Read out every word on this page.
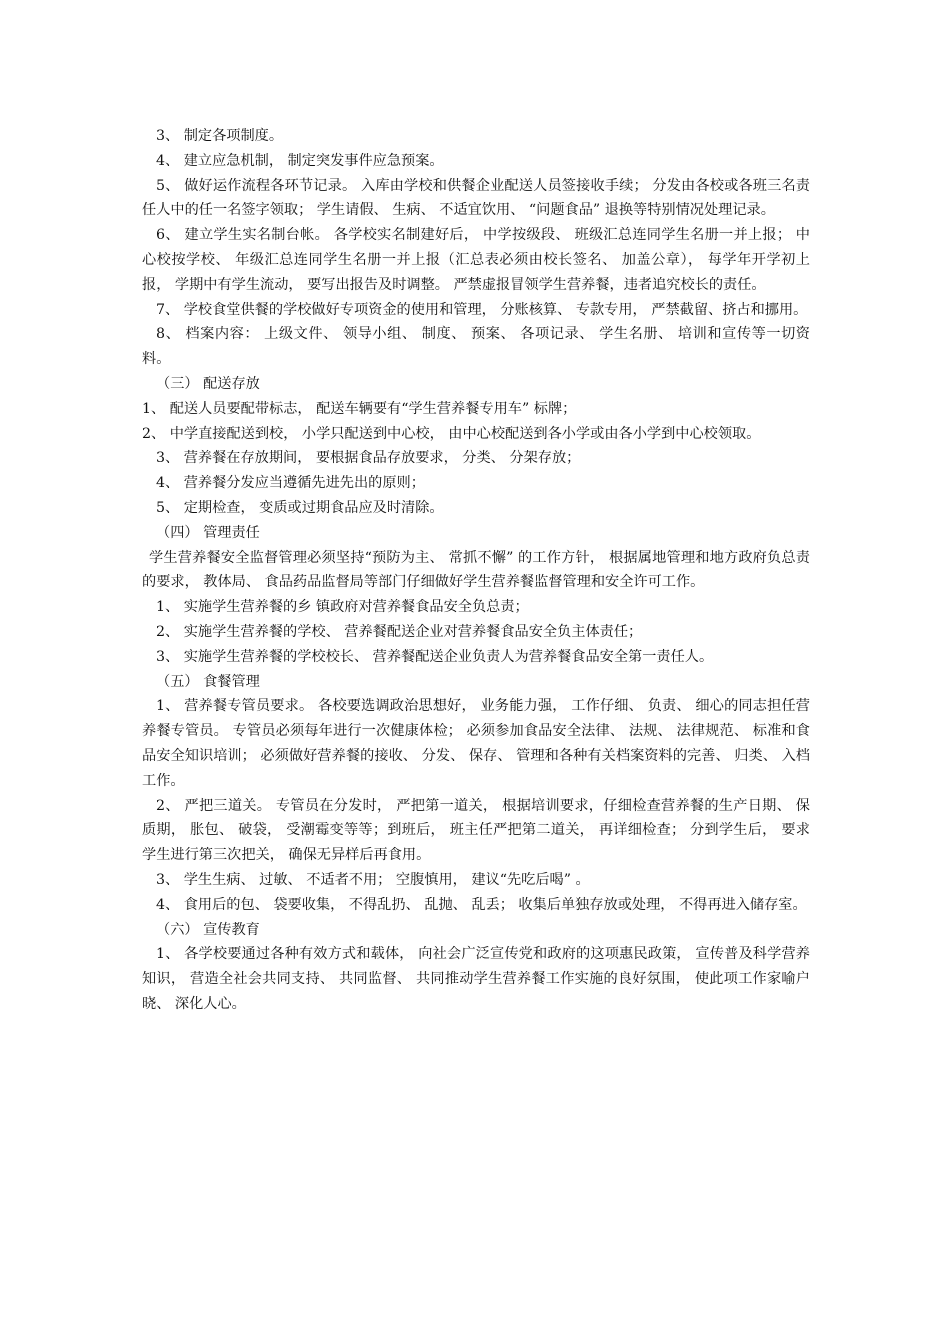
3、 制定各项制度。

4、 建立应急机制， 制定突发事件应急预案。

5、 做好运作流程各环节记录。 入库由学校和供餐企业配送人员签接收手续； 分发由各校或各班三名责任人中的任一名签字领取； 学生请假、 生病、 不适宜饮用、 “问题食品” 退换等特别情况处理记录。

6、 建立学生实名制台帐。 各学校实名制建好后， 中学按级段、 班级汇总连同学生名册一并上报； 中心校按学校、 年级汇总连同学生名册一并上报（汇总表必须由校长签名、 加盖公章）， 每学年开学初上报， 学期中有学生流动， 要写出报告及时调整。 严禁虚报冒领学生营养餐，违者追究校长的责任。

7、 学校食堂供餐的学校做好专项资金的使用和管理， 分账核算、 专款专用， 严禁截留、挤占和挪用。

8、 档案内容： 上级文件、 领导小组、 制度、 预案、 各项记录、 学生名册、 培训和宣传等一切资料。

（三） 配送存放

1、 配送人员要配带标志， 配送车辆要有“学生营养餐专用车” 标牌；

2、 中学直接配送到校， 小学只配送到中心校， 由中心校配送到各小学或由各小学到中心校领取。

3、 营养餐在存放期间， 要根据食品存放要求， 分类、 分架存放；

4、 营养餐分发应当遵循先进先出的原则；

5、 定期检查， 变质或过期食品应及时清除。

（四） 管理责任

学生营养餐安全监督管理必须坚持“预防为主、 常抓不懈” 的工作方针， 根据属地管理和地方政府负总责的要求， 教体局、 食品药品监督局等部门仔细做好学生营养餐监督管理和安全许可工作。

1、 实施学生营养餐的乡 镇政府对营养餐食品安全负总责；

2、 实施学生营养餐的学校、 营养餐配送企业对营养餐食品安全负主体责任；

3、 实施学生营养餐的学校校长、 营养餐配送企业负责人为营养餐食品安全第一责任人。

（五） 食餐管理

1、 营养餐专管员要求。 各校要选调政治思想好， 业务能力强， 工作仔细、 负责、 细心的同志担任营养餐专管员。 专管员必须每年进行一次健康体检； 必须参加食品安全法律、 法规、 法律规范、 标准和食品安全知识培训； 必须做好营养餐的接收、 分发、 保存、 管理和各种有关档案资料的完善、 归类、 入档工作。

2、 严把三道关。 专管员在分发时， 严把第一道关， 根据培训要求，仔细检查营养餐的生产日期、 保质期， 胀包、 破袋， 受潮霉变等等；到班后， 班主任严把第二道关， 再详细检查； 分到学生后， 要求学生进行第三次把关， 确保无异样后再食用。

3、 学生生病、 过敏、 不适者不用； 空腹慎用， 建议“先吃后喝” 。

4、 食用后的包、 袋要收集， 不得乱扔、 乱抛、 乱丢； 收集后单独存放或处理， 不得再进入储存室。

（六） 宣传教育

1、 各学校要通过各种有效方式和载体， 向社会广泛宣传党和政府的这项惠民政策， 宣传普及科学营养知识， 营造全社会共同支持、 共同监督、 共同推动学生营养餐工作实施的良好氛围， 使此项工作家喻户晓、 深化人心。
